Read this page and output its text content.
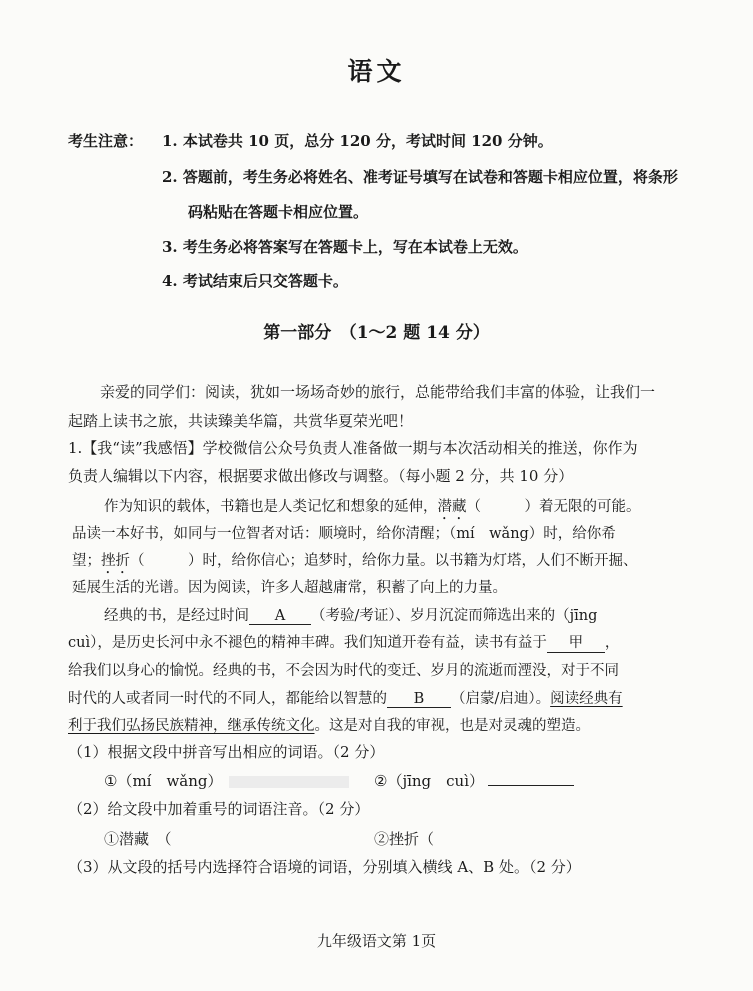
语文
考生注意： 1. 本试卷共 10 页，总分 120 分，考试时间 120 分钟。
2. 答题前，考生务必将姓名、准考证号填写在试卷和答题卡相应位置，将条形
码粘贴在答题卡相应位置。
3. 考生务必将答案写在答题卡上，写在本试卷上无效。
4. 考试结束后只交答题卡。
第一部分　（1～2 题 14 分）
亲爱的同学们：阅读，犹如一场场奇妙的旅行，总能带给我们丰富的体验，让我们一
起踏上读书之旅，共读臻美华篇，共赏华夏荣光吧！
1.【我“读”我感悟】学校微信公众号负责人准备做一期与本次活动相关的推送，你作为
负责人编辑以下内容，根据要求做出修改与调整。（每小题 2 分，共 10 分）
作为知识的载体，书籍也是人类记忆和想象的延伸，潜藏（　　　）着无限的可能。
品读一本好书，如同与一位智者对话：顺境时，给你清醒；（mí　wǎng）时，给你希
望；挫折（　　　）时，给你信心；追梦时，给你力量。以书籍为灯塔，人们不断开掘、
延展生活的光谱。因为阅读，许多人超越庸常，积蓄了向上的力量。
经典的书，是经过时间 A （考验/考证）、岁月沉淀而筛选出来的（jīng
cuì），是历史长河中永不褪色的精神丰碑。我们知道开卷有益，读书有益于 甲 ，
给我们以身心的愉悦。经典的书，不会因为时代的变迁、岁月的流逝而湮没，对于不同
时代的人或者同一时代的不同人，都能给以智慧的 B （启蒙/启迪）。阅读经典有
利于我们弘扬民族精神，继承传统文化。这是对自我的审视，也是对灵魂的塑造。
（1）根据文段中拼音写出相应的词语。（2 分）
①（mí　wǎng）	②（jīng　cuì）
（2）给文段中加着重号的词语注音。（2 分）
①潜藏　（	②挫折（
（3）从文段的括号内选择符合语境的词语，分别填入横线 A、B 处。（2 分）
九年级语文第 1页
